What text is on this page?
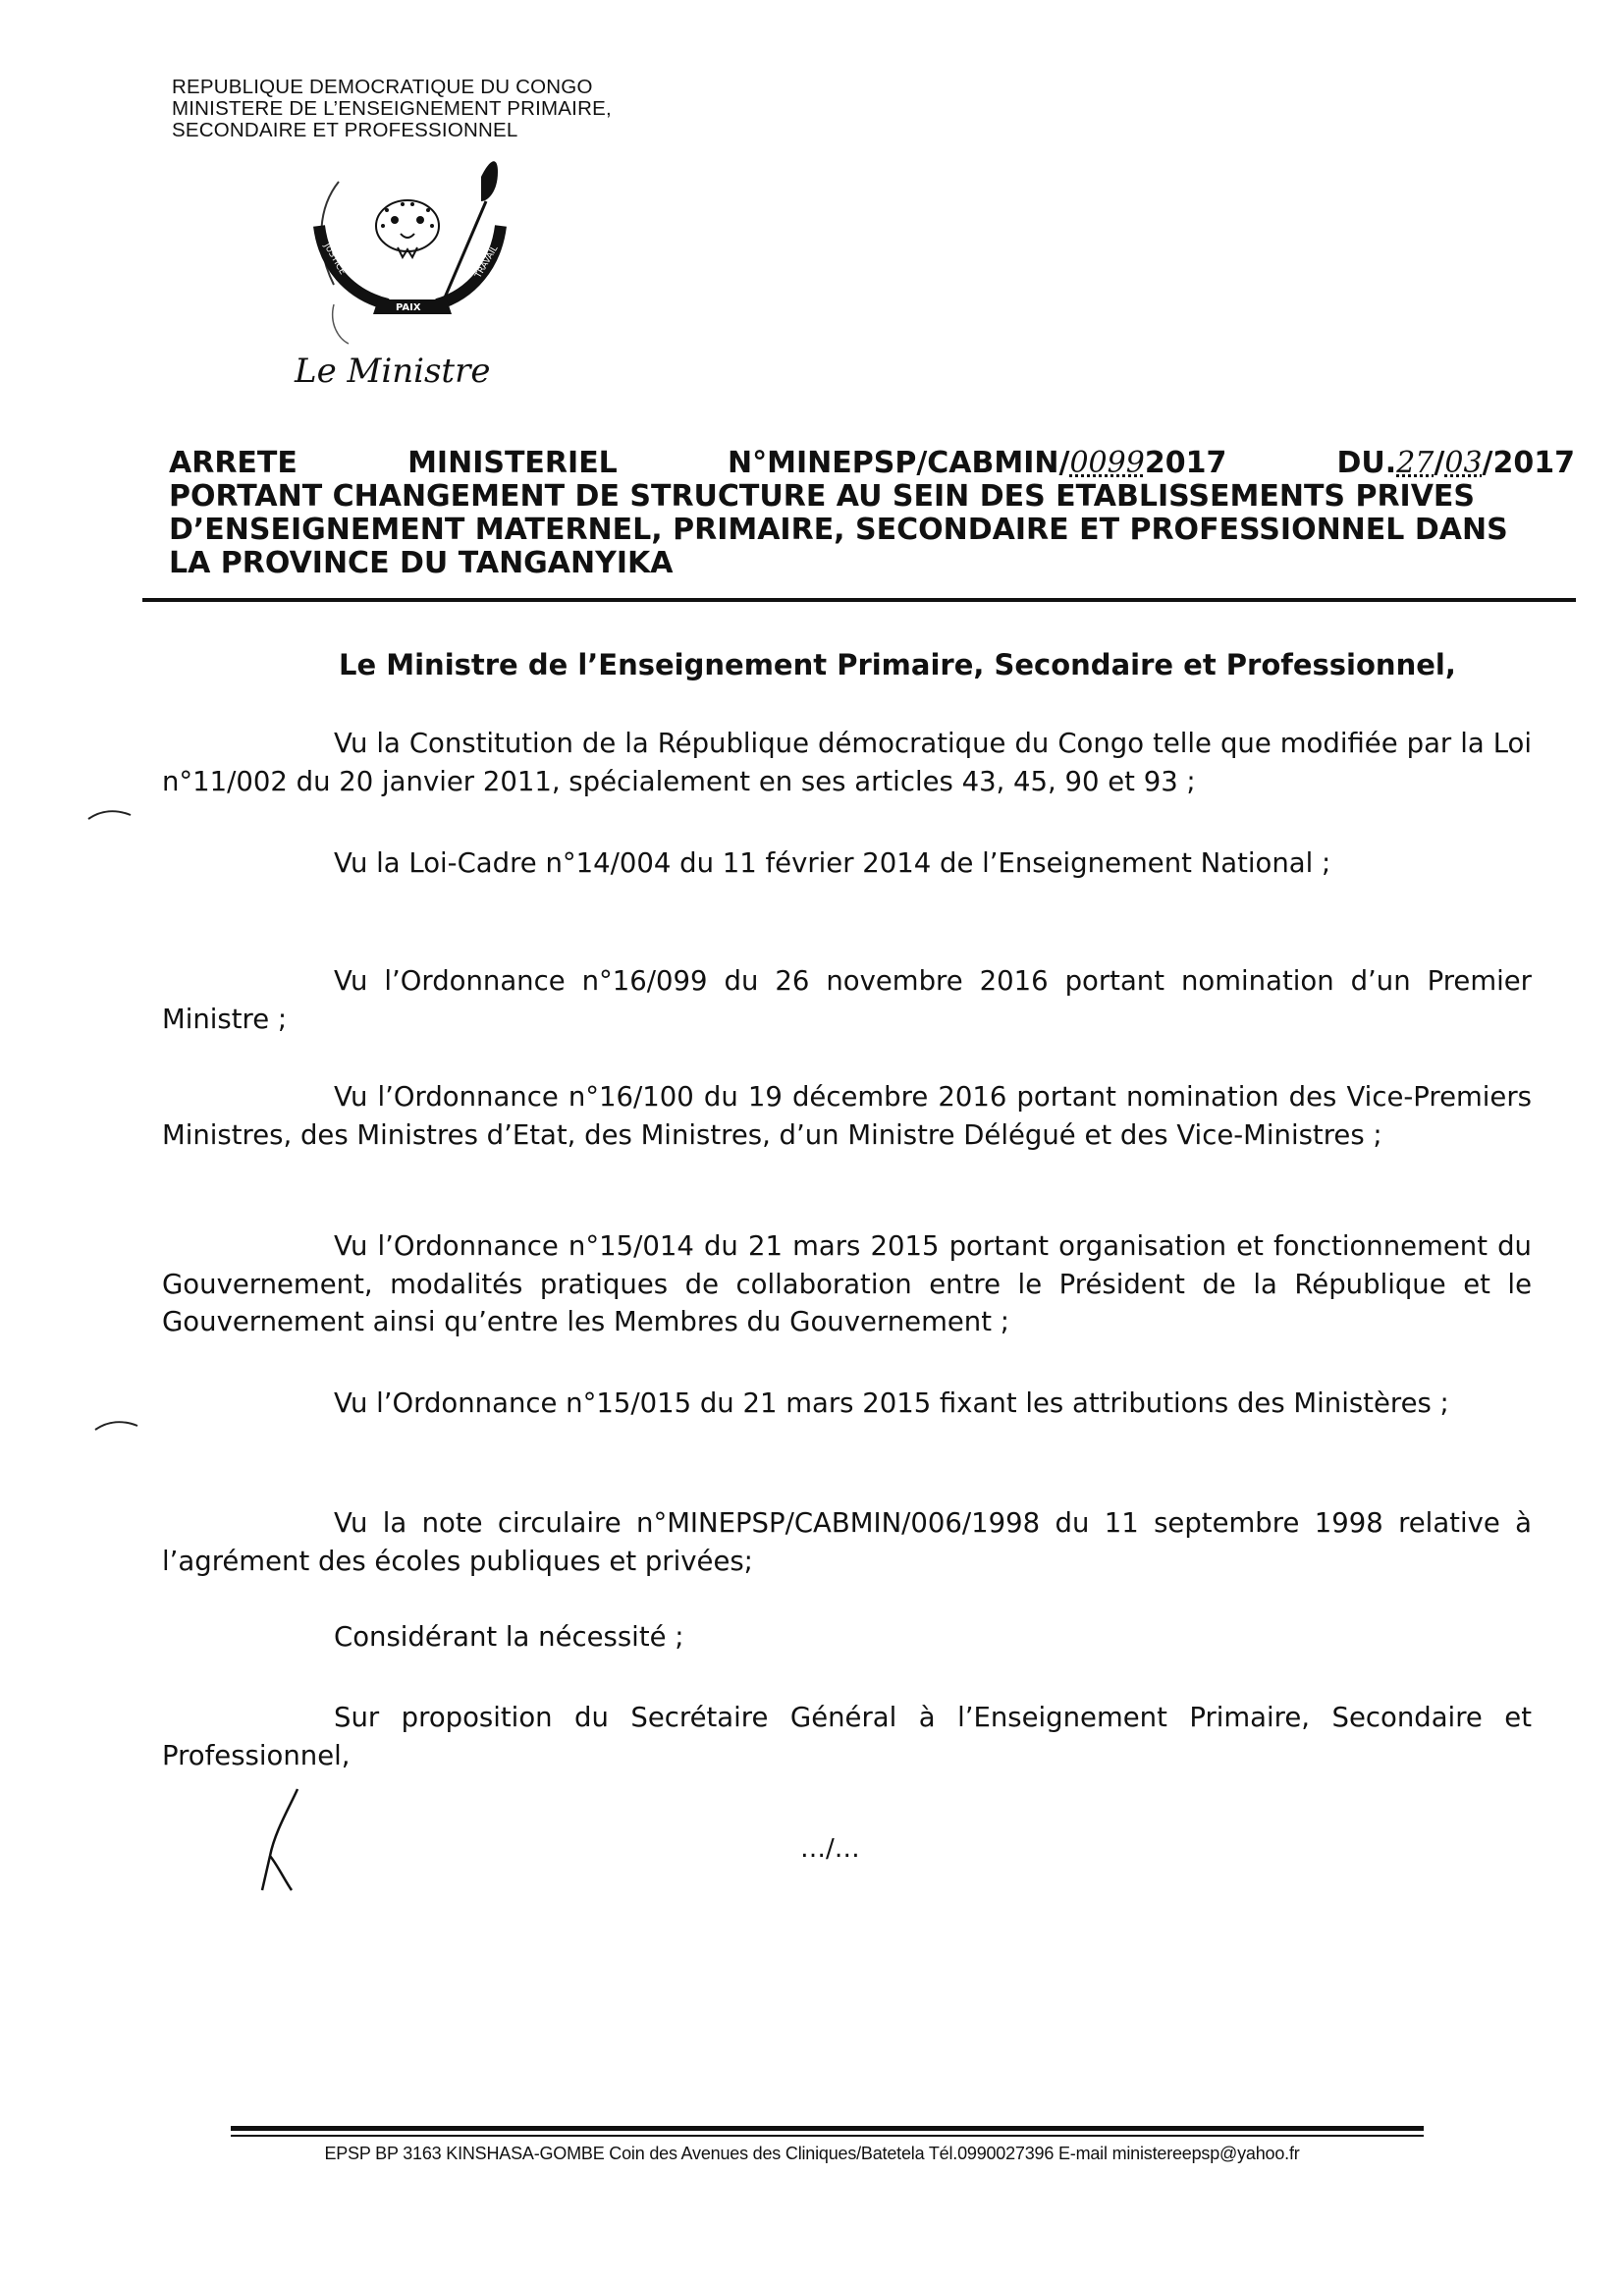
REPUBLIQUE DEMOCRATIQUE DU CONGO
MINISTERE DE L’ENSEIGNEMENT PRIMAIRE,
SECONDAIRE ET PROFESSIONNEL
JUSTICE	TRAVAIL
PAIX
Le Ministre
ARRETE	MINISTERIEL	N°MINEPSP/CABMIN/00992017	DU.27/03/2017
PORTANT CHANGEMENT DE STRUCTURE AU SEIN DES ETABLISSEMENTS PRIVES
D’ENSEIGNEMENT MATERNEL, PRIMAIRE, SECONDAIRE ET PROFESSIONNEL DANS
LA PROVINCE DU TANGANYIKA
Le Ministre de l’Enseignement Primaire, Secondaire et Professionnel,

Vu la Constitution de la République démocratique du Congo telle que modifiée par la Loi n°11/002 du 20 janvier 2011, spécialement en ses articles 43, 45, 90 et 93 ;

Vu la Loi-Cadre n°14/004 du 11 février 2014 de l’Enseignement National ;

Vu l’Ordonnance n°16/099 du 26 novembre 2016 portant nomination d’un Premier Ministre ;

Vu l’Ordonnance n°16/100 du 19 décembre 2016 portant nomination des Vice-Premiers Ministres, des Ministres d’Etat, des Ministres, d’un Ministre Délégué et des Vice-Ministres ;

Vu l’Ordonnance n°15/014 du 21 mars 2015 portant organisation et fonctionnement du Gouvernement, modalités pratiques de collaboration entre le Président de la République et le Gouvernement ainsi qu’entre les Membres du Gouvernement ;

Vu l’Ordonnance n°15/015 du 21 mars 2015 fixant les attributions des Ministères ;

Vu la note circulaire n°MINEPSP/CABMIN/006/1998 du 11 septembre 1998 relative à l’agrément des écoles publiques et privées;

Considérant la nécessité ;

Sur proposition du Secrétaire Général à l’Enseignement Primaire, Secondaire et Professionnel,

…/…
EPSP BP 3163 KINSHASA-GOMBE Coin des Avenues des Cliniques/Batetela Tél.0990027396 E-mail ministereepsp@yahoo.fr
